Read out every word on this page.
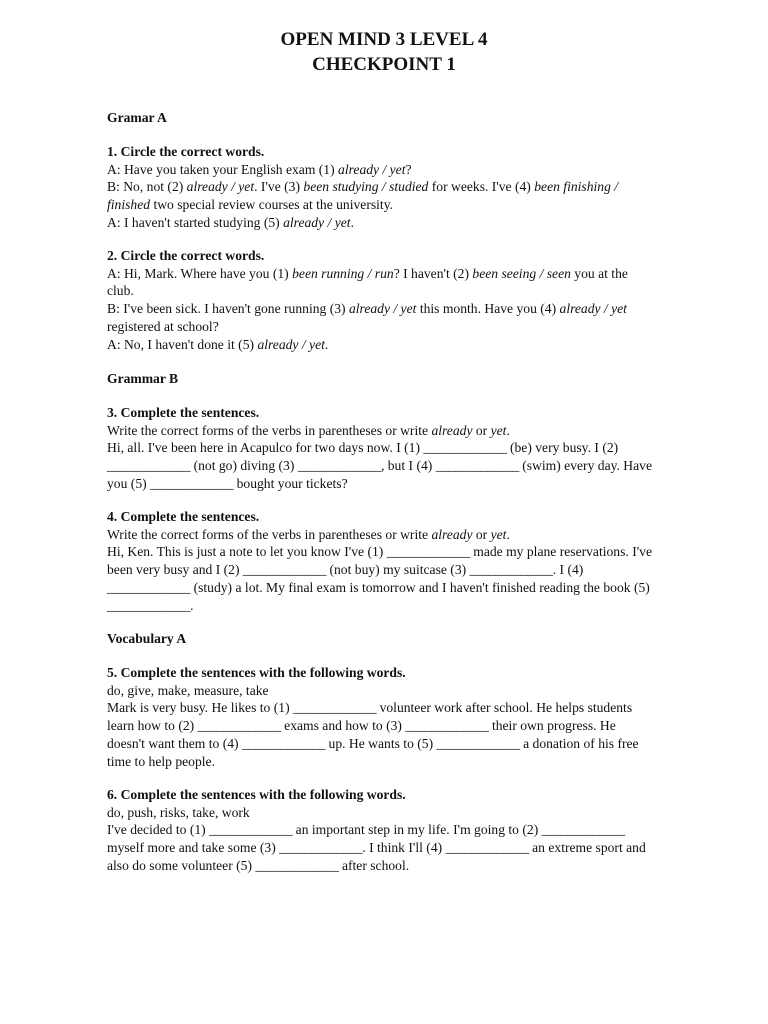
OPEN MIND 3 LEVEL 4
CHECKPOINT 1
Gramar A
1. Circle the correct words.

A: Have you taken your English exam (1) already / yet?

B: No, not (2) already / yet. I've (3) been studying / studied for weeks. I've (4) been finishing / finished two special review courses at the university.

A: I haven't started studying (5) already / yet.

2. Circle the correct words.

A: Hi, Mark. Where have you (1) been running / run? I haven't (2) been seeing / seen you at the club.

B: I've been sick. I haven't gone running (3) already / yet this month. Have you (4) already / yet registered at school?

A: No, I haven't done it (5) already / yet.

Grammar B
3. Complete the sentences.

Write the correct forms of the verbs in parentheses or write already or yet.

Hi, all. I've been here in Acapulco for two days now. I (1) _____________ (be) very busy. I (2) _____________ (not go) diving (3) _____________, but I (4) _____________ (swim) every day. Have you (5) _____________ bought your tickets?

4. Complete the sentences.

Write the correct forms of the verbs in parentheses or write already or yet.

Hi, Ken. This is just a note to let you know I've (1) _____________ made my plane reservations. I've been very busy and I (2) _____________ (not buy) my suitcase (3) _____________. I (4) _____________ (study) a lot. My final exam is tomorrow and I haven't finished reading the book (5) _____________.

Vocabulary A
5. Complete the sentences with the following words.

do, give, make, measure, take

Mark is very busy. He likes to (1) _____________ volunteer work after school. He helps students learn how to (2) _____________ exams and how to (3) _____________ their own progress. He doesn't want them to (4) _____________ up. He wants to (5) _____________ a donation of his free time to help people.

6. Complete the sentences with the following words.

do, push, risks, take, work

I've decided to (1) _____________ an important step in my life. I'm going to (2) _____________ myself more and take some (3) _____________. I think I'll (4) _____________ an extreme sport and also do some volunteer (5) _____________ after school.
